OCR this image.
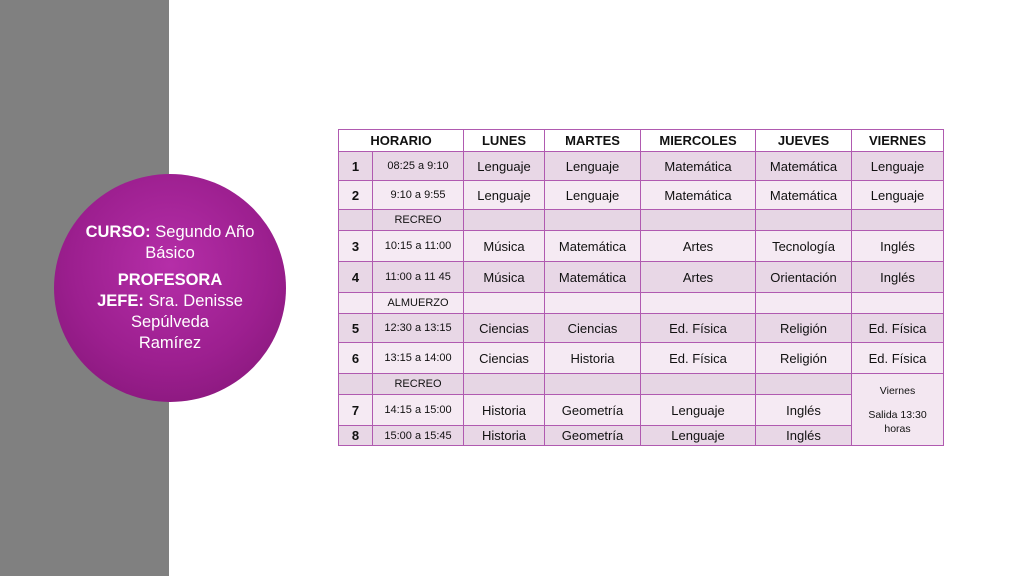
CURSO: Segundo Año Básico

PROFESORA
JEFE: Sra. Denisse
Sepúlveda
Ramírez

HORARIO		LUNES	MARTES	MIERCOLES	JUEVES	VIERNES
1	08:25 a 9:10	Lenguaje	Lenguaje	Matemática	Matemática	Lenguaje
2	9:10 a 9:55	Lenguaje	Lenguaje	Matemática	Matemática	Lenguaje
	RECREO					
3	10:15 a 11:00	Música	Matemática	Artes	Tecnología	Inglés
4	11:00 a 11 45	Música	Matemática	Artes	Orientación	Inglés
	ALMUERZO					
5	12:30 a 13:15	Ciencias	Ciencias	Ed. Física	Religión	Ed. Física
6	13:15 a 14:00	Ciencias	Historia	Ed. Física	Religión	Ed. Física
	RECREO					Viernes
Salida 13:30
horas

7	14:15 a 15:00	Historia	Geometría	Lenguaje	Inglés	
8	15:00 a 15:45	Historia	Geometría	Lenguaje	Inglés	
